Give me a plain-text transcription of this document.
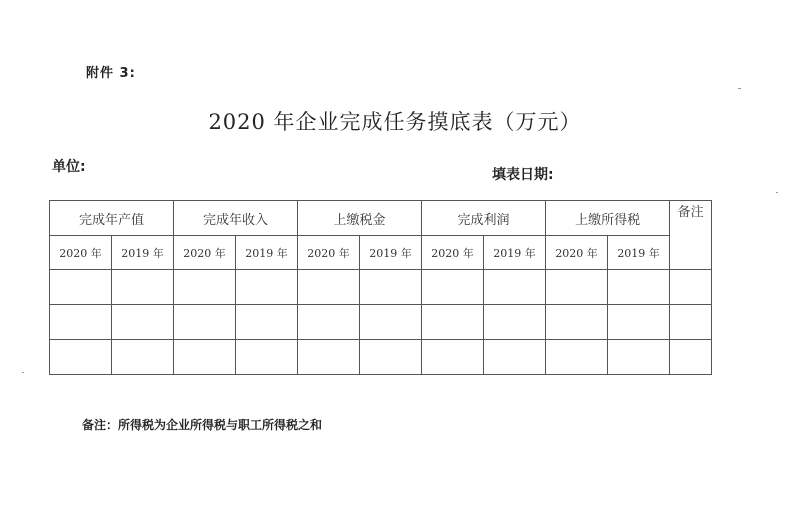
附件 3:
2020 年企业完成任务摸底表（万元）
单位:	填表日期:
完成年产值		完成年收入		上缴税金		完成利润		上缴所得税		备注
2020 年	2019 年	2020 年	2019 年	2020 年	2019 年	2020 年	2019 年	2020 年	2019 年	

备注：所得税为企业所得税与职工所得税之和
